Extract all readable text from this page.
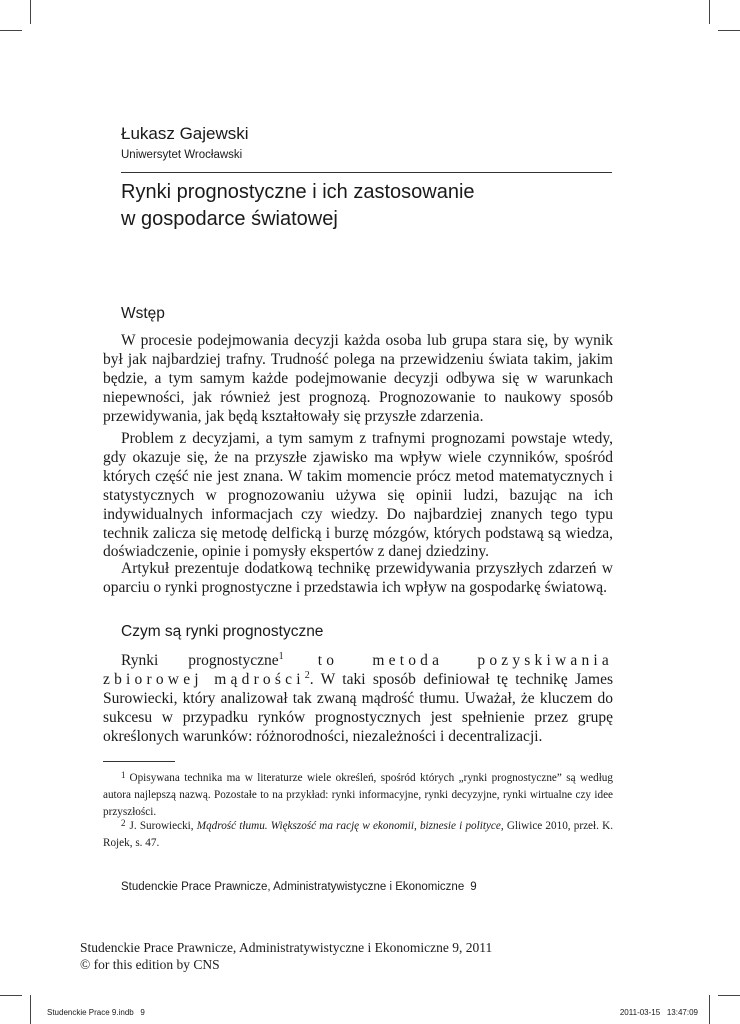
Łukasz Gajewski
Uniwersytet Wrocławski
Rynki prognostyczne i ich zastosowanie
w gospodarce światowej
Wstęp

W procesie podejmowania decyzji każda osoba lub grupa stara się, by wynik był jak najbardziej trafny. Trudność polega na przewidzeniu świata takim, jakim będzie, a tym samym każde podejmowanie decyzji odbywa się w warunkach niepewności, jak również jest prognozą. Prognozowanie to naukowy sposób przewidywania, jak będą kształtowały się przyszłe zdarzenia.

Problem z decyzjami, a tym samym z trafnymi prognozami powstaje wtedy, gdy okazuje się, że na przyszłe zjawisko ma wpływ wiele czynników, spośród których część nie jest znana. W takim momencie prócz metod matematycznych i statystycznych w prognozowaniu używa się opinii ludzi, bazując na ich indywidualnych informacjach czy wiedzy. Do najbardziej znanych tego typu technik zalicza się metodę delficką i burzę mózgów, których podstawą są wiedza, doświadczenie, opinie i pomysły ekspertów z danej dziedziny.

Artykuł prezentuje dodatkową technikę przewidywania przyszłych zdarzeń w oparciu o rynki prognostyczne i przedstawia ich wpływ na gospodarkę światową.

Czym są rynki prognostyczne

Rynki prognostyczne$^1$ to metoda pozyskiwania zbiorowej mądrości$^2$. W taki sposób definiował tę technikę James Surowiecki, który analizował tak zwaną mądrość tłumu. Uważał, że kluczem do sukcesu w przypadku rynków prognostycznych jest spełnienie przez grupę określonych warunków: różnorodności, niezależności i decentralizacji.

$^1$ Opisywana technika ma w literaturze wiele określeń, spośród których „rynki prognostyczne” są według autora najlepszą nazwą. Pozostałe to na przykład: rynki informacyjne, rynki decyzyjne, rynki wirtualne czy idee przyszłości.

$^2$ J. Surowiecki, Mądrość tłumu. Większość ma rację w ekonomii, biznesie i polityce, Gliwice 2010, przeł. K. Rojek, s. 47.

Studenckie Prace Prawnicze, Administratywistyczne i Ekonomiczne 9
Studenckie Prace Prawnicze, Administratywistyczne i Ekonomiczne 9, 2011
© for this edition by CNS
Studenckie Prace 9.indb   9	2011-03-15   13:47:09
